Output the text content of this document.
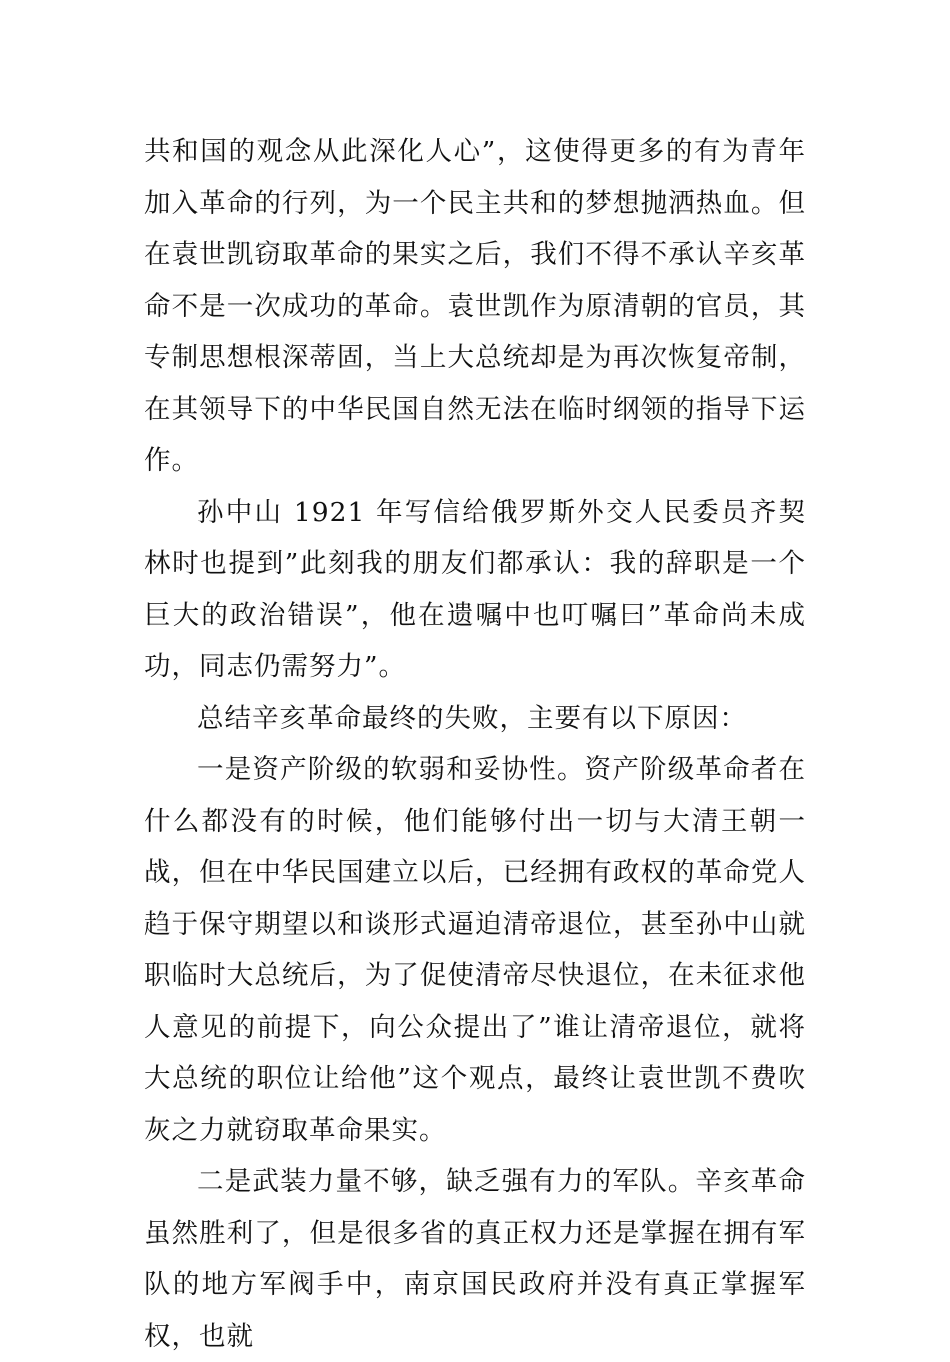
共和国的观念从此深化人心”，这使得更多的有为青年加入革命的行列，为一个民主共和的梦想抛洒热血。但在袁世凯窃取革命的果实之后，我们不得不承认辛亥革命不是一次成功的革命。袁世凯作为原清朝的官员，其专制思想根深蒂固，当上大总统却是为再次恢复帝制，在其领导下的中华民国自然无法在临时纲领的指导下运作。

孙中山 1921 年写信给俄罗斯外交人民委员齐契林时也提到”此刻我的朋友们都承认：我的辞职是一个巨大的政治错误”，他在遗嘱中也叮嘱曰”革命尚未成功，同志仍需努力”。

总结辛亥革命最终的失败，主要有以下原因：

一是资产阶级的软弱和妥协性。资产阶级革命者在什么都没有的时候，他们能够付出一切与大清王朝一战，但在中华民国建立以后，已经拥有政权的革命党人趋于保守期望以和谈形式逼迫清帝退位，甚至孙中山就职临时大总统后，为了促使清帝尽快退位，在未征求他人意见的前提下，向公众提出了”谁让清帝退位，就将大总统的职位让给他”这个观点，最终让袁世凯不费吹灰之力就窃取革命果实。

二是武装力量不够，缺乏强有力的军队。辛亥革命虽然胜利了，但是很多省的真正权力还是掌握在拥有军队的地方军阀手中，南京国民政府并没有真正掌握军权，也就
